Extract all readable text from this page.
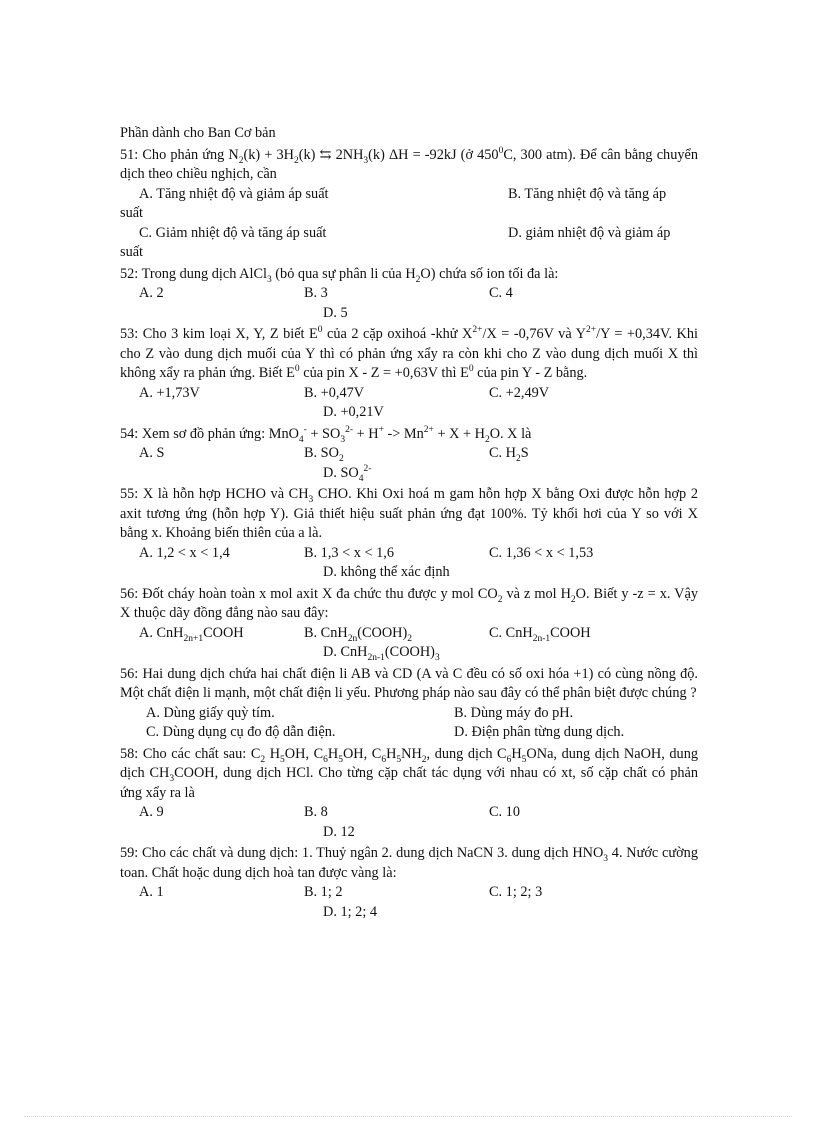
Phần dành cho Ban Cơ bản
51: Cho phản ứng $N_2(k) + 3H_2(k)$ ⇆ $2NH_3(k) \Delta H = -92kJ$ (ở $450^0C$, 300 atm). Để cân bằng chuyển dịch theo chiều nghịch, cần
A. Tăng nhiệt độ và giảm áp suất	B. Tăng nhiệt độ và tăng áp
suất
C. Giảm nhiệt độ và tăng áp suất	D. giảm nhiệt độ và giảm áp
suất
52: Trong dung dịch AlCl$_3$ (bỏ qua sự phân li của $H_2O$) chứa số ion tối đa là:
A. 2	B. 3	C. 4
D. 5
53: Cho 3 kim loại X, Y, Z biết $E^0$ của 2 cặp oxihoá -khử $X^{2+}/X = -0,76V$ và $Y^{2+}/Y = +0,34V$. Khi cho Z vào dung dịch muối của Y thì có phản ứng xẩy ra còn khi cho Z vào dung dịch muối X thì không xẩy ra phản ứng. Biết $E^0$ của pin X - Z = +0,63V thì $E^0$ của pin Y - Z bằng.
A. +1,73V	B. +0,47V	C. +2,49V
D. +0,21V
54: Xem sơ đồ phản ứng: $MnO_4^- + SO_3^{2-} + H^+ -> Mn^{2+} + X + H_2O$. X là
A. S	B. $SO_2$	C. $H_2S$
D. $SO_4^{2-}$
55: X là hỗn hợp HCHO và $CH_3$ CHO. Khi Oxi hoá m gam hỗn hợp X bằng Oxi được hỗn hợp 2 axit tương ứng (hỗn hợp Y). Giả thiết hiệu suất phản ứng đạt 100%. Tỷ khối hơi của Y so với X bằng x. Khoảng biến thiên của a là.
A. 1,2 < x < 1,4	B. 1,3 < x < 1,6	C. 1,36 < x < 1,53
D. không thể xác định
56: Đốt cháy hoàn toàn x mol axit X đa chức thu được y mol $CO_2$ và z mol $H_2O$. Biết y -z = x. Vậy X thuộc dãy đồng đẳng nào sau đây:
A. CnH$_{2n+1}$COOH	B. $CnH_{2n}(COOH)_2$	C. CnH$_{2n-1}$COOH
D. $CnH_{2n-1}(COOH)_3$
56: Hai dung dịch chứa hai chất điện li AB và CD (A và C đều có số oxi hóa +1) có cùng nồng độ. Một chất điện li mạnh, một chất điện li yếu. Phương pháp nào sau đây có thể phân biệt được chúng ?
A. Dùng giấy quỳ tím.	B. Dùng máy đo pH.
C. Dùng dụng cụ đo độ dẫn điện.	D. Điện phân từng dung dịch.
58: Cho các chất sau: $C_2$ $H_5OH$, $C_6H_5OH$, $C_6H_5NH_2$, dung dịch $C_6H_5ONa$, dung dịch NaOH, dung dịch $CH_3COOH$, dung dịch HCl. Cho từng cặp chất tác dụng với nhau có xt, số cặp chất có phản ứng xẩy ra là
A. 9	B. 8	C. 10
D. 12
59: Cho các chất và dung dịch: 1. Thuỷ ngân 2. dung dịch NaCN 3. dung dịch $HNO_3$ 4. Nước cường toan. Chất hoặc dung dịch hoà tan được vàng là:
A. 1	B. 1; 2	C. 1; 2; 3
D. 1; 2; 4
